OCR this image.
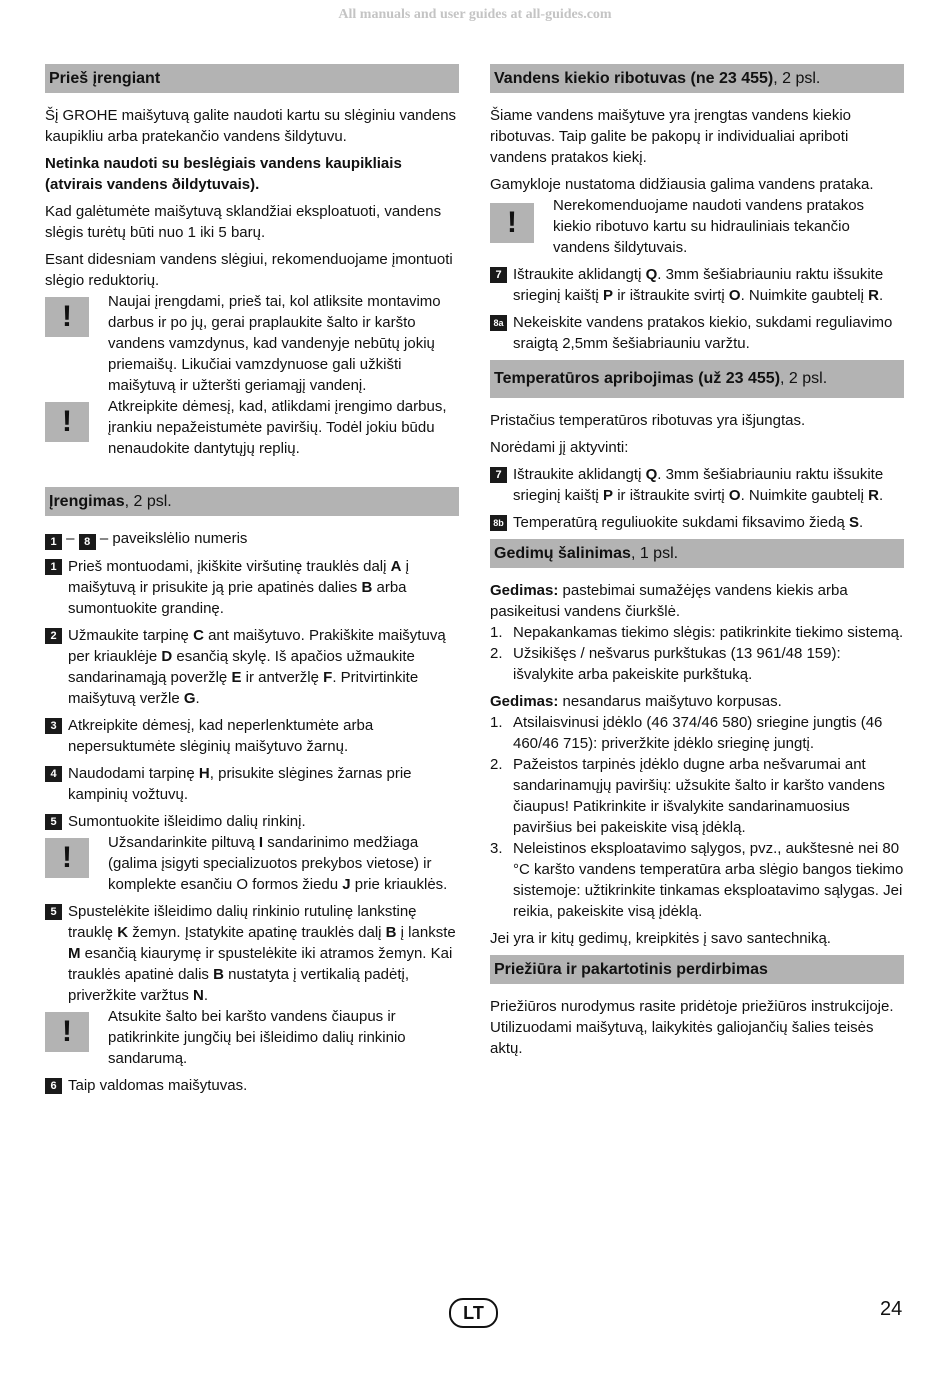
All manuals and user guides at all-guides.com
Prieš įrengiant

Šį GROHE maišytuvą galite naudoti kartu su slėginiu vandens kaupikliu arba pratekančio vandens šildytuvu.

Netinka naudoti su beslėgiais vandens kaupikliais (atvirais vandens ðildytuvais).

Kad galėtumėte maišytuvą sklandžiai eksploatuoti, vandens slėgis turėtų būti nuo 1 iki 5 barų.

Esant didesniam vandens slėgiui, rekomenduojame įmontuoti slėgio reduktorių.

!	Naujai įrengdami, prieš tai, kol atliksite montavimo darbus ir po jų, gerai praplaukite šalto ir karšto vandens vamzdynus, kad vandenyje nebūtų jokių priemaišų. Likučiai vamzdynuose gali užkišti maišytuvą ir užteršti geriamąjį vandenį.
!	Atkreipkite dėmesį, kad, atlikdami įrengimo darbus, įrankiu nepažeistumėte paviršių. Todėl jokiu būdu nenaudokite dantytųjų replių.
Įrengimas, 2 psl.

1 – 8 – paveikslėlio numeris

1 Prieš montuodami, įkiškite viršutinę trauklės dalį A į maišytuvą ir prisukite ją prie apatinės dalies B arba sumontuokite grandinę.
2 Užmaukite tarpinę C ant maišytuvo. Prakiškite maišytuvą per kriauklėje D esančią skylę. Iš apačios užmaukite sandarinamąją poveržlę E ir antveržlę F. Pritvirtinkite maišytuvą veržle G.
3 Atkreipkite dėmesį, kad neperlenktumėte arba nepersuktumėte slėginių maišytuvo žarnų.
4 Naudodami tarpinę H, prisukite slėgines žarnas prie kampinių vožtuvų.
5 Sumontuokite išleidimo dalių rinkinį.
!	Užsandarinkite piltuvą I sandarinimo medžiaga (galima įsigyti specializuotos prekybos vietose) ir komplekte esančiu O formos žiedu J prie kriauklės.
5 Spustelėkite išleidimo dalių rinkinio rutulinę lankstinę trauklę K žemyn. Įstatykite apatinę trauklės dalį B į lankste M esančią kiaurymę ir spustelėkite iki atramos žemyn. Kai trauklės apatinė dalis B nustatyta į vertikalią padėtį, priveržkite varžtus N.
!	Atsukite šalto bei karšto vandens čiaupus ir patikrinkite jungčių bei išleidimo dalių rinkinio sandarumą.
6 Taip valdomas maišytuvas.
Vandens kiekio ribotuvas (ne 23 455), 2 psl.

Šiame vandens maišytuve yra įrengtas vandens kiekio ribotuvas. Taip galite be pakopų ir individualiai apriboti vandens pratakos kiekį.

Gamykloje nustatoma didžiausia galima vandens prataka.

!
Nerekomenduojame naudoti vandens pratakos kiekio ribotuvo kartu su hidrauliniais tekančio vandens šildytuvais.
7 Ištraukite aklidangtį Q. 3mm šešiabriauniu raktu išsukite srieginį kaištį P ir ištraukite svirtį O. Nuimkite gaubtelį R.
8a Nekeiskite vandens pratakos kiekio, sukdami reguliavimo sraigtą 2,5mm šešiabriauniu varžtu.
Temperatūros apribojimas (už 23 455), 2 psl.

Pristačius temperatūros ribotuvas yra išjungtas.

Norėdami jį aktyvinti:

7 Ištraukite aklidangtį Q. 3mm šešiabriauniu raktu išsukite srieginį kaištį P ir ištraukite svirtį O. Nuimkite gaubtelį R.
8b Temperatūrą reguliuokite sukdami fiksavimo žiedą S.
Gedimų šalinimas, 1 psl.

Gedimas: pastebimai sumažėjęs vandens kiekis arba pasikeitusi vandens čiurkšlė.

1. Nepakankamas tiekimo slėgis: patikrinkite tiekimo sistemą.
2. Užsikišęs / nešvarus purkštukas (13 961/48 159): išvalykite arba pakeiskite purkštuką.

Gedimas: nesandarus maišytuvo korpusas.

1. Atsilaisvinusi įdėklo (46 374/46 580) sriegine jungtis (46 460/46 715): priveržkite įdėklo srieginę jungtį.
2. Pažeistos tarpinės įdėklo dugne arba nešvarumai ant sandarinamųjų paviršių: užsukite šalto ir karšto vandens čiaupus! Patikrinkite ir išvalykite sandarinamuosius paviršius bei pakeiskite visą įdėklą.
3. Neleistinos eksploatavimo sąlygos, pvz., aukštesnė nei 80 °C karšto vandens temperatūra arba slėgio bangos tiekimo sistemoje: užtikrinkite tinkamas eksploatavimo sąlygas. Jei reikia, pakeiskite visą įdėklą.

Jei yra ir kitų gedimų, kreipkitės į savo santechniką.

Priežiūra ir pakartotinis perdirbimas

Priežiūros nurodymus rasite pridėtoje priežiūros instrukcijoje. Utilizuodami maišytuvą, laikykitės galiojančių šalies teisės aktų.

LT	24
